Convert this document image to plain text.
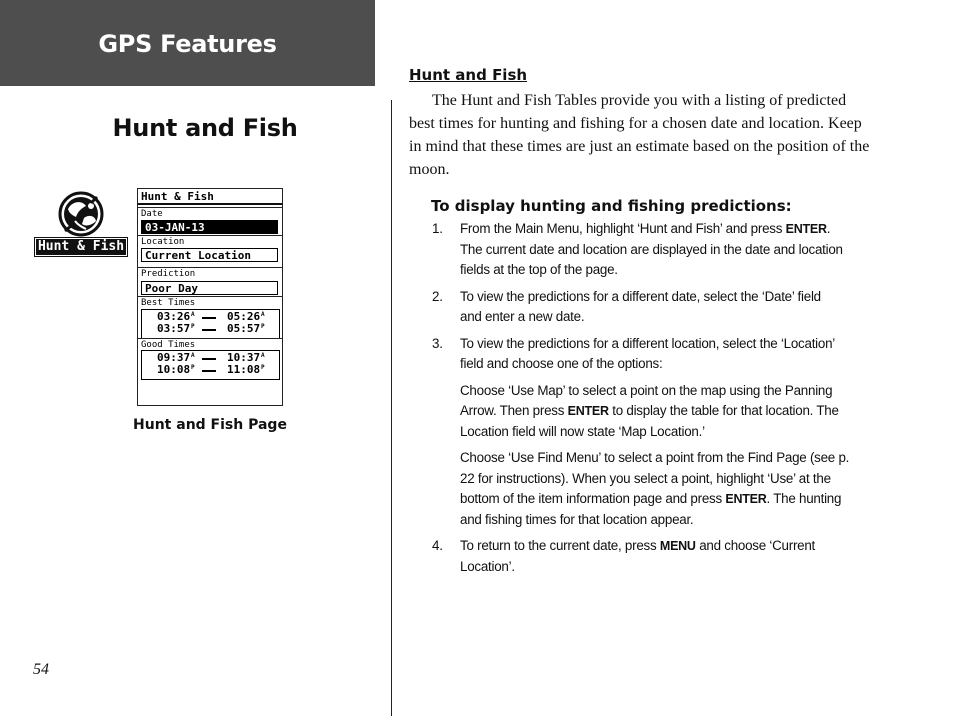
GPS Features
Hunt and Fish
Hunt & Fish
Hunt & Fish
Date
03-JAN-13
Location
Current Location
Prediction
Poor Day
Best Times
03:26 A	05:26 A
03:57 P	05:57 P
Good Times
09:37 A	10:37 A
10:08 P	11:08 P
Hunt and Fish Page
54
Hunt and Fish
The Hunt and Fish Tables provide you with a listing of predicted
best times for hunting and fishing for a chosen date and location. Keep
in mind that these times are just an estimate based on the position of the
moon.
To display hunting and fishing predictions:
1. From the Main Menu, highlight ‘Hunt and Fish’ and press ENTER.
The current date and location are displayed in the date and location
fields at the top of the page.

2. To view the predictions for a different date, select the ‘Date’ field
and enter a new date.

3. To view the predictions for a different location, select the ‘Location’
field and choose one of the options:

Choose ‘Use Map’ to select a point on the map using the Panning
Arrow. Then press ENTER to display the table for that location. The
Location field will now state ‘Map Location.’

Choose ‘Use Find Menu’ to select a point from the Find Page (see p.
22 for instructions). When you select a point, highlight ‘Use’ at the
bottom of the item information page and press ENTER. The hunting
and fishing times for that location appear.

4. To return to the current date, press MENU and choose ‘Current
Location’.
